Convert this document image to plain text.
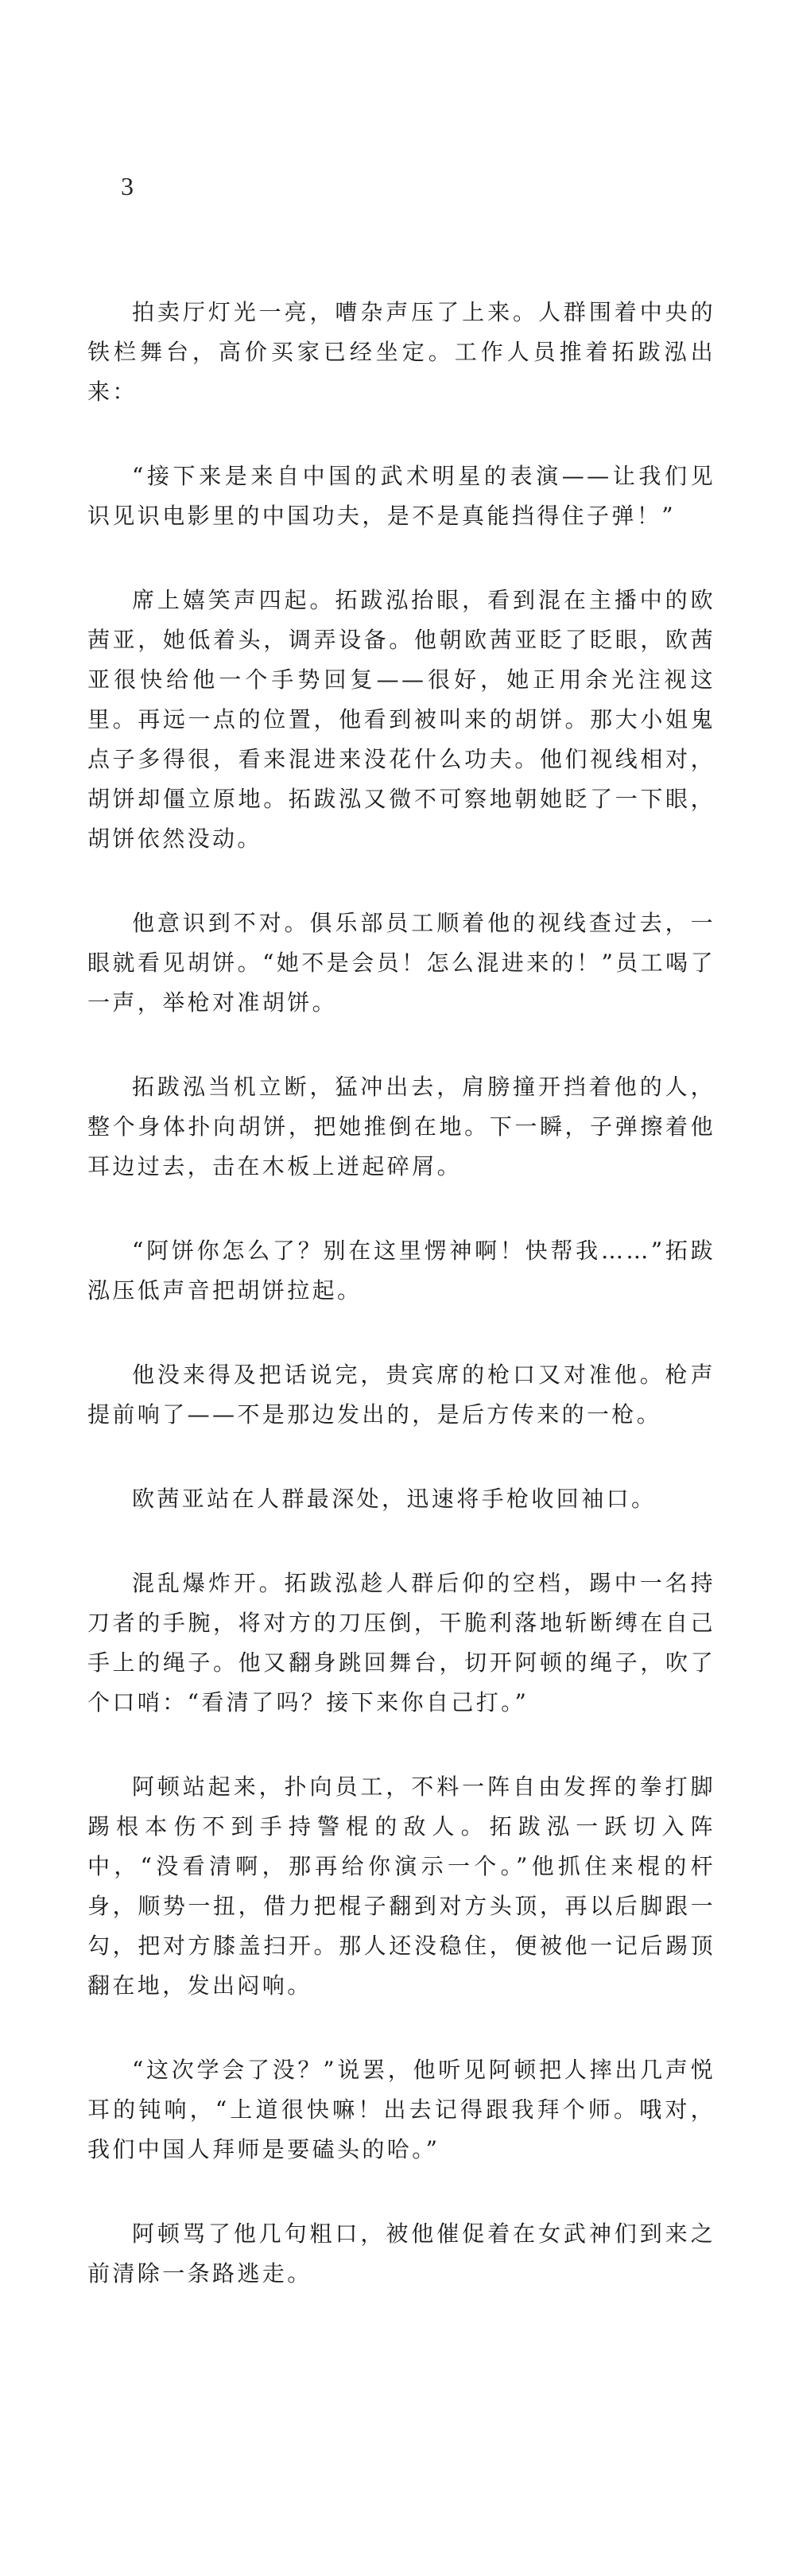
3

拍卖厅灯光一亮，嘈杂声压了上来。人群围着中央的铁栏舞台，高价买家已经坐定。工作人员推着拓跋泓出来：

“接下来是来自中国的武术明星的表演——让我们见识见识电影里的中国功夫，是不是真能挡得住子弹！”

席上嬉笑声四起。拓跋泓抬眼，看到混在主播中的欧茜亚，她低着头，调弄设备。他朝欧茜亚眨了眨眼，欧茜亚很快给他一个手势回复——很好，她正用余光注视这里。再远一点的位置，他看到被叫来的胡饼。那大小姐鬼点子多得很，看来混进来没花什么功夫。他们视线相对，胡饼却僵立原地。拓跋泓又微不可察地朝她眨了一下眼，胡饼依然没动。

他意识到不对。俱乐部员工顺着他的视线查过去，一眼就看见胡饼。“她不是会员！怎么混进来的！”员工喝了一声，举枪对准胡饼。

拓跋泓当机立断，猛冲出去，肩膀撞开挡着他的人，整个身体扑向胡饼，把她推倒在地。下一瞬，子弹擦着他耳边过去，击在木板上迸起碎屑。

“阿饼你怎么了？别在这里愣神啊！快帮我……”拓跋泓压低声音把胡饼拉起。

他没来得及把话说完，贵宾席的枪口又对准他。枪声提前响了——不是那边发出的，是后方传来的一枪。

欧茜亚站在人群最深处，迅速将手枪收回袖口。

混乱爆炸开。拓跋泓趁人群后仰的空档，踢中一名持刀者的手腕，将对方的刀压倒，干脆利落地斩断缚在自己手上的绳子。他又翻身跳回舞台，切开阿顿的绳子，吹了个口哨：“看清了吗？接下来你自己打。”

阿顿站起来，扑向员工，不料一阵自由发挥的拳打脚踢根本伤不到手持警棍的敌人。拓跋泓一跃切入阵中，“没看清啊，那再给你演示一个。”他抓住来棍的杆身，顺势一扭，借力把棍子翻到对方头顶，再以后脚跟一勾，把对方膝盖扫开。那人还没稳住，便被他一记后踢顶翻在地，发出闷响。

“这次学会了没？”说罢，他听见阿顿把人摔出几声悦耳的钝响，“上道很快嘛！出去记得跟我拜个师。哦对，我们中国人拜师是要磕头的哈。”

阿顿骂了他几句粗口，被他催促着在女武神们到来之前清除一条路逃走。
